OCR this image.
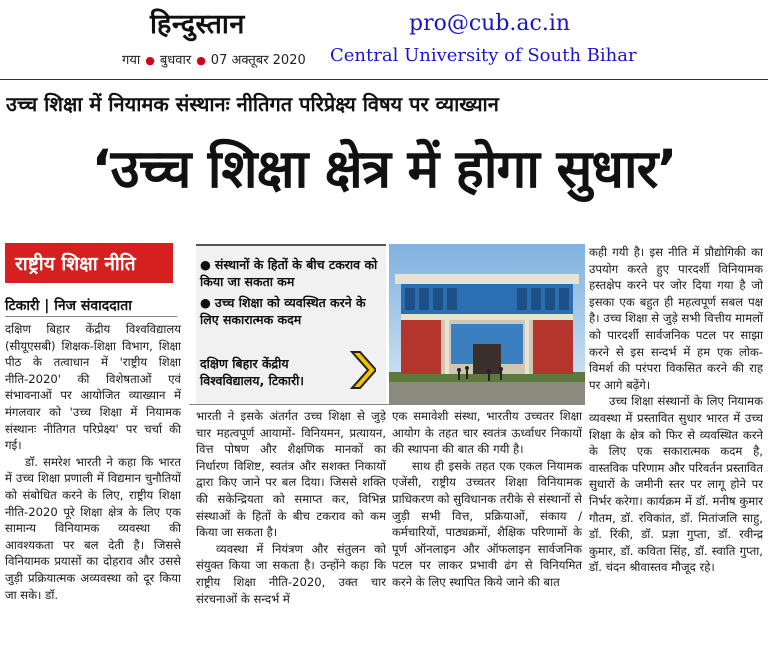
हिन्दुस्तान
गया ● बुधवार ● 07 अक्तूबर 2020
pro@cub.ac.in
Central University of South Bihar
उच्च शिक्षा में नियामक संस्थानः नीतिगत परिप्रेक्ष्य विषय पर व्याख्यान
‘उच्च शिक्षा क्षेत्र में होगा सुधार’
राष्ट्रीय शिक्षा नीति
टिकारी | निज संवाददाता

दक्षिण बिहार केंद्रीय विश्वविद्यालय (सीयूएसबी) शिक्षक-शिक्षा विभाग, शिक्षा पीठ के तत्वाधान में 'राष्ट्रीय शिक्षा नीति-2020' की विशेषताओं एवं संभावनाओं पर आयोजित व्याख्यान में मंगलवार को 'उच्च शिक्षा में नियामक संस्थानः नीतिगत परिप्रेक्ष्य' पर चर्चा की गई।

डॉ. समरेश भारती ने कहा कि भारत में उच्च शिक्षा प्रणाली में विद्यमान चुनौतियों को संबोधित करने के लिए, राष्ट्रीय शिक्षा नीति-2020 पूरे शिक्षा क्षेत्र के लिए एक सामान्य विनियामक व्यवस्था की आवश्यकता पर बल देती है। जिससे विनियामक प्रयासों का दोहराव और उससे जुड़ी प्रक्रियात्मक अव्यवस्था को दूर किया जा सके। डॉ.

● संस्थानों के हितों के बीच टकराव को किया जा सकता कम
● उच्च शिक्षा को व्यवस्थित करने के लिए सकारात्मक कदम
दक्षिण बिहार केंद्रीय विश्वविद्यालय, टिकारी।

भारती ने इसके अंतर्गत उच्च शिक्षा से जुड़े चार महत्वपूर्ण आयामों- विनियमन, प्रत्यायन, वित्त पोषण और शैक्षणिक मानकों का निर्धारण विशिष्ट, स्वतंत्र और सशक्त निकायों द्वारा किए जाने पर बल दिया। जिससे शक्ति की सकेन्द्रियता को समाप्त कर, विभिन्न संस्थाओं के हितों के बीच टकराव को कम किया जा सकता है।

व्यवस्था में नियंत्रण और संतुलन को संयुक्त किया जा सकता है। उन्होंने कहा कि राष्ट्रीय शिक्षा नीति-2020, उक्त चार संरचनाओं के सन्दर्भ में

एक समावेशी संस्था, भारतीय उच्चतर शिक्षा आयोग के तहत चार स्वतंत्र ऊर्ध्वाधर निकायों की स्थापना की बात की गयी है।

साथ ही इसके तहत एक एकल नियामक एजेंसी, राष्ट्रीय उच्चतर शिक्षा विनियामक प्राधिकरण को सुविधानक तरीके से संस्थानों से जुड़ी सभी वित्त, प्रक्रियाओं, संकाय / कर्मचारियों, पाठ्यक्रमों, शैक्षिक परिणामों के पूर्ण ऑनलाइन और ऑफलाइन सार्वजनिक पटल पर लाकर प्रभावी ढंग से विनियमित करने के लिए स्थापित किये जाने की बात

कही गयी है। इस नीति में प्रौद्योगिकी का उपयोग करते हुए पारदर्शी विनियामक हस्तक्षेप करने पर जोर दिया गया है जो इसका एक बहुत ही महत्वपूर्ण सबल पक्ष है। उच्च शिक्षा से जुड़े सभी वित्तीय मामलों को पारदर्शी सार्वजनिक पटल पर साझा करने से इस सन्दर्भ में हम एक लोक-विमर्श की परंपरा विकसित करने की राह पर आगे बढ़ेंगे।

उच्च शिक्षा संस्थानों के लिए नियामक व्यवस्था में प्रस्तावित सुधार भारत में उच्च शिक्षा के क्षेत्र को फिर से व्यवस्थित करने के लिए एक सकारात्मक कदम है, वास्तविक परिणाम और परिवर्तन प्रस्तावित सुधारों के जमीनी स्तर पर लागू होने पर निर्भर करेगा। कार्यक्रम में डॉ. मनीष कुमार गौतम, डॉ. रविकांत, डॉ. मितांजलि साहु, डॉ. रिंकी, डॉ. प्रज्ञा गुप्ता, डॉ. रवीन्द्र कुमार, डॉ. कविता सिंह, डॉ. स्वाति गुप्ता, डॉ. चंदन श्रीवास्तव मौजूद रहे।
